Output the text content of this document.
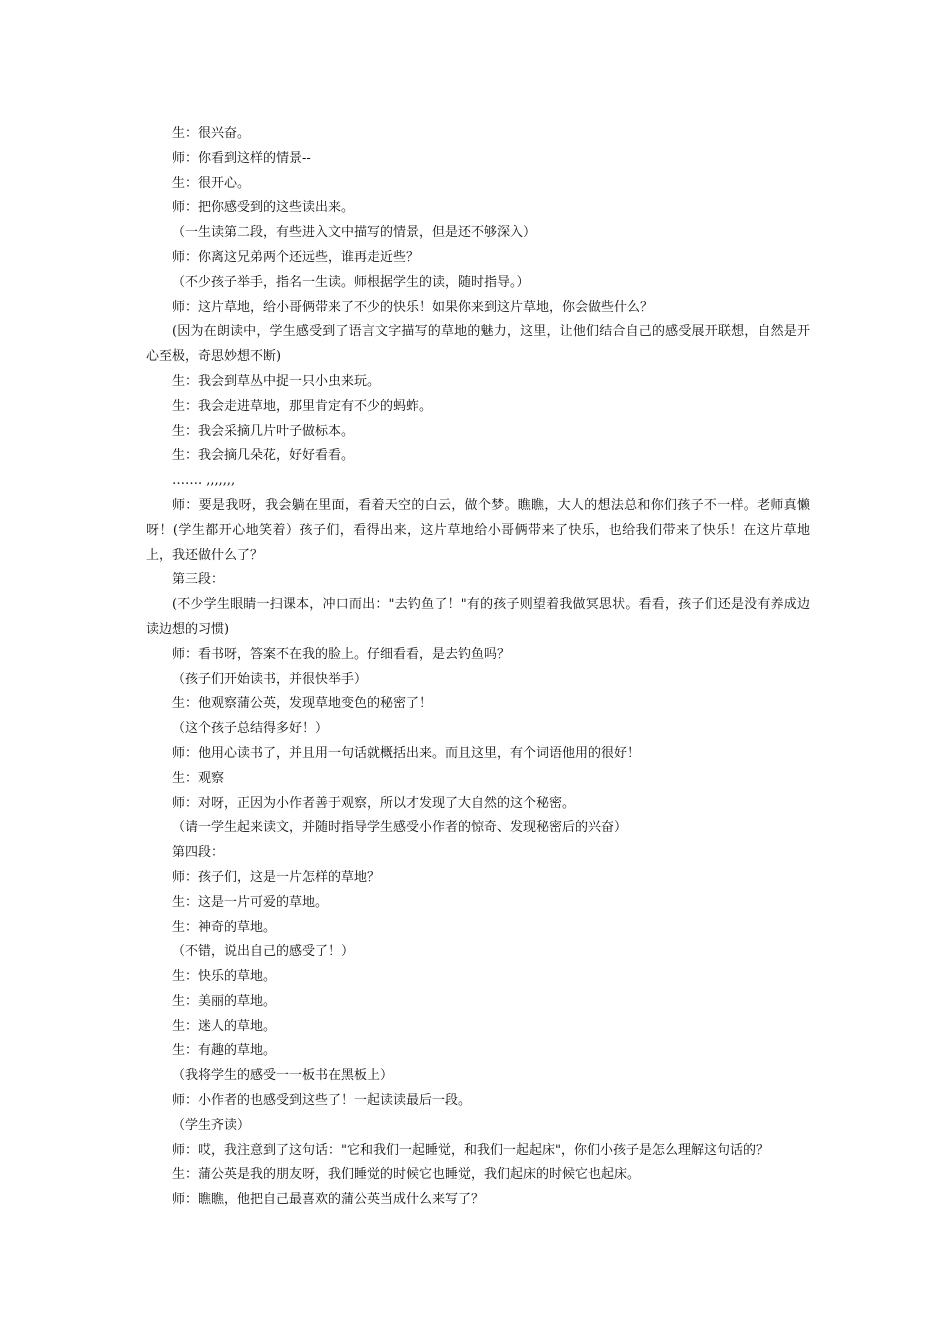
生：很兴奋。

师：你看到这样的情景--

生：很开心。

师：把你感受到的这些读出来。

（一生读第二段，有些进入文中描写的情景，但是还不够深入）

师：你离这兄弟两个还远些，谁再走近些？

（不少孩子举手，指名一生读。师根据学生的读，随时指导。）

师：这片草地，给小哥俩带来了不少的快乐！如果你来到这片草地，你会做些什么？

(因为在朗读中，学生感受到了语言文字描写的草地的魅力，这里，让他们结合自己的感受展开联想，自然是开心至极，奇思妙想不断)

生：我会到草丛中捉一只小虫来玩。

生：我会走进草地，那里肯定有不少的蚂蚱。

生：我会采摘几片叶子做标本。

生：我会摘几朵花，好好看看。

……. ,,,,,,,

师：要是我呀，我会躺在里面，看着天空的白云，做个梦。瞧瞧，大人的想法总和你们孩子不一样。老师真懒呀！(学生都开心地笑着）孩子们，看得出来，这片草地给小哥俩带来了快乐，也给我们带来了快乐！在这片草地上，我还做什么了？

第三段：

(不少学生眼睛一扫课本，冲口而出："去钓鱼了！"有的孩子则望着我做冥思状。看看，孩子们还是没有养成边读边想的习惯)

师：看书呀，答案不在我的脸上。仔细看看，是去钓鱼吗？

（孩子们开始读书，并很快举手）

生：他观察蒲公英，发现草地变色的秘密了！

（这个孩子总结得多好！）

师：他用心读书了，并且用一句话就概括出来。而且这里，有个词语他用的很好！

生：观察

师：对呀，正因为小作者善于观察，所以才发现了大自然的这个秘密。

（请一学生起来读文，并随时指导学生感受小作者的惊奇、发现秘密后的兴奋）

第四段：

师：孩子们，这是一片怎样的草地？

生：这是一片可爱的草地。

生：神奇的草地。

（不错，说出自己的感受了！）

生：快乐的草地。

生：美丽的草地。

生：迷人的草地。

生：有趣的草地。

（我将学生的感受一一板书在黑板上）

师：小作者的也感受到这些了！一起读读最后一段。

（学生齐读）

师：哎，我注意到了这句话："它和我们一起睡觉，和我们一起起床"，你们小孩子是怎么理解这句话的？

生：蒲公英是我的朋友呀，我们睡觉的时候它也睡觉，我们起床的时候它也起床。

师：瞧瞧，他把自己最喜欢的蒲公英当成什么来写了？
